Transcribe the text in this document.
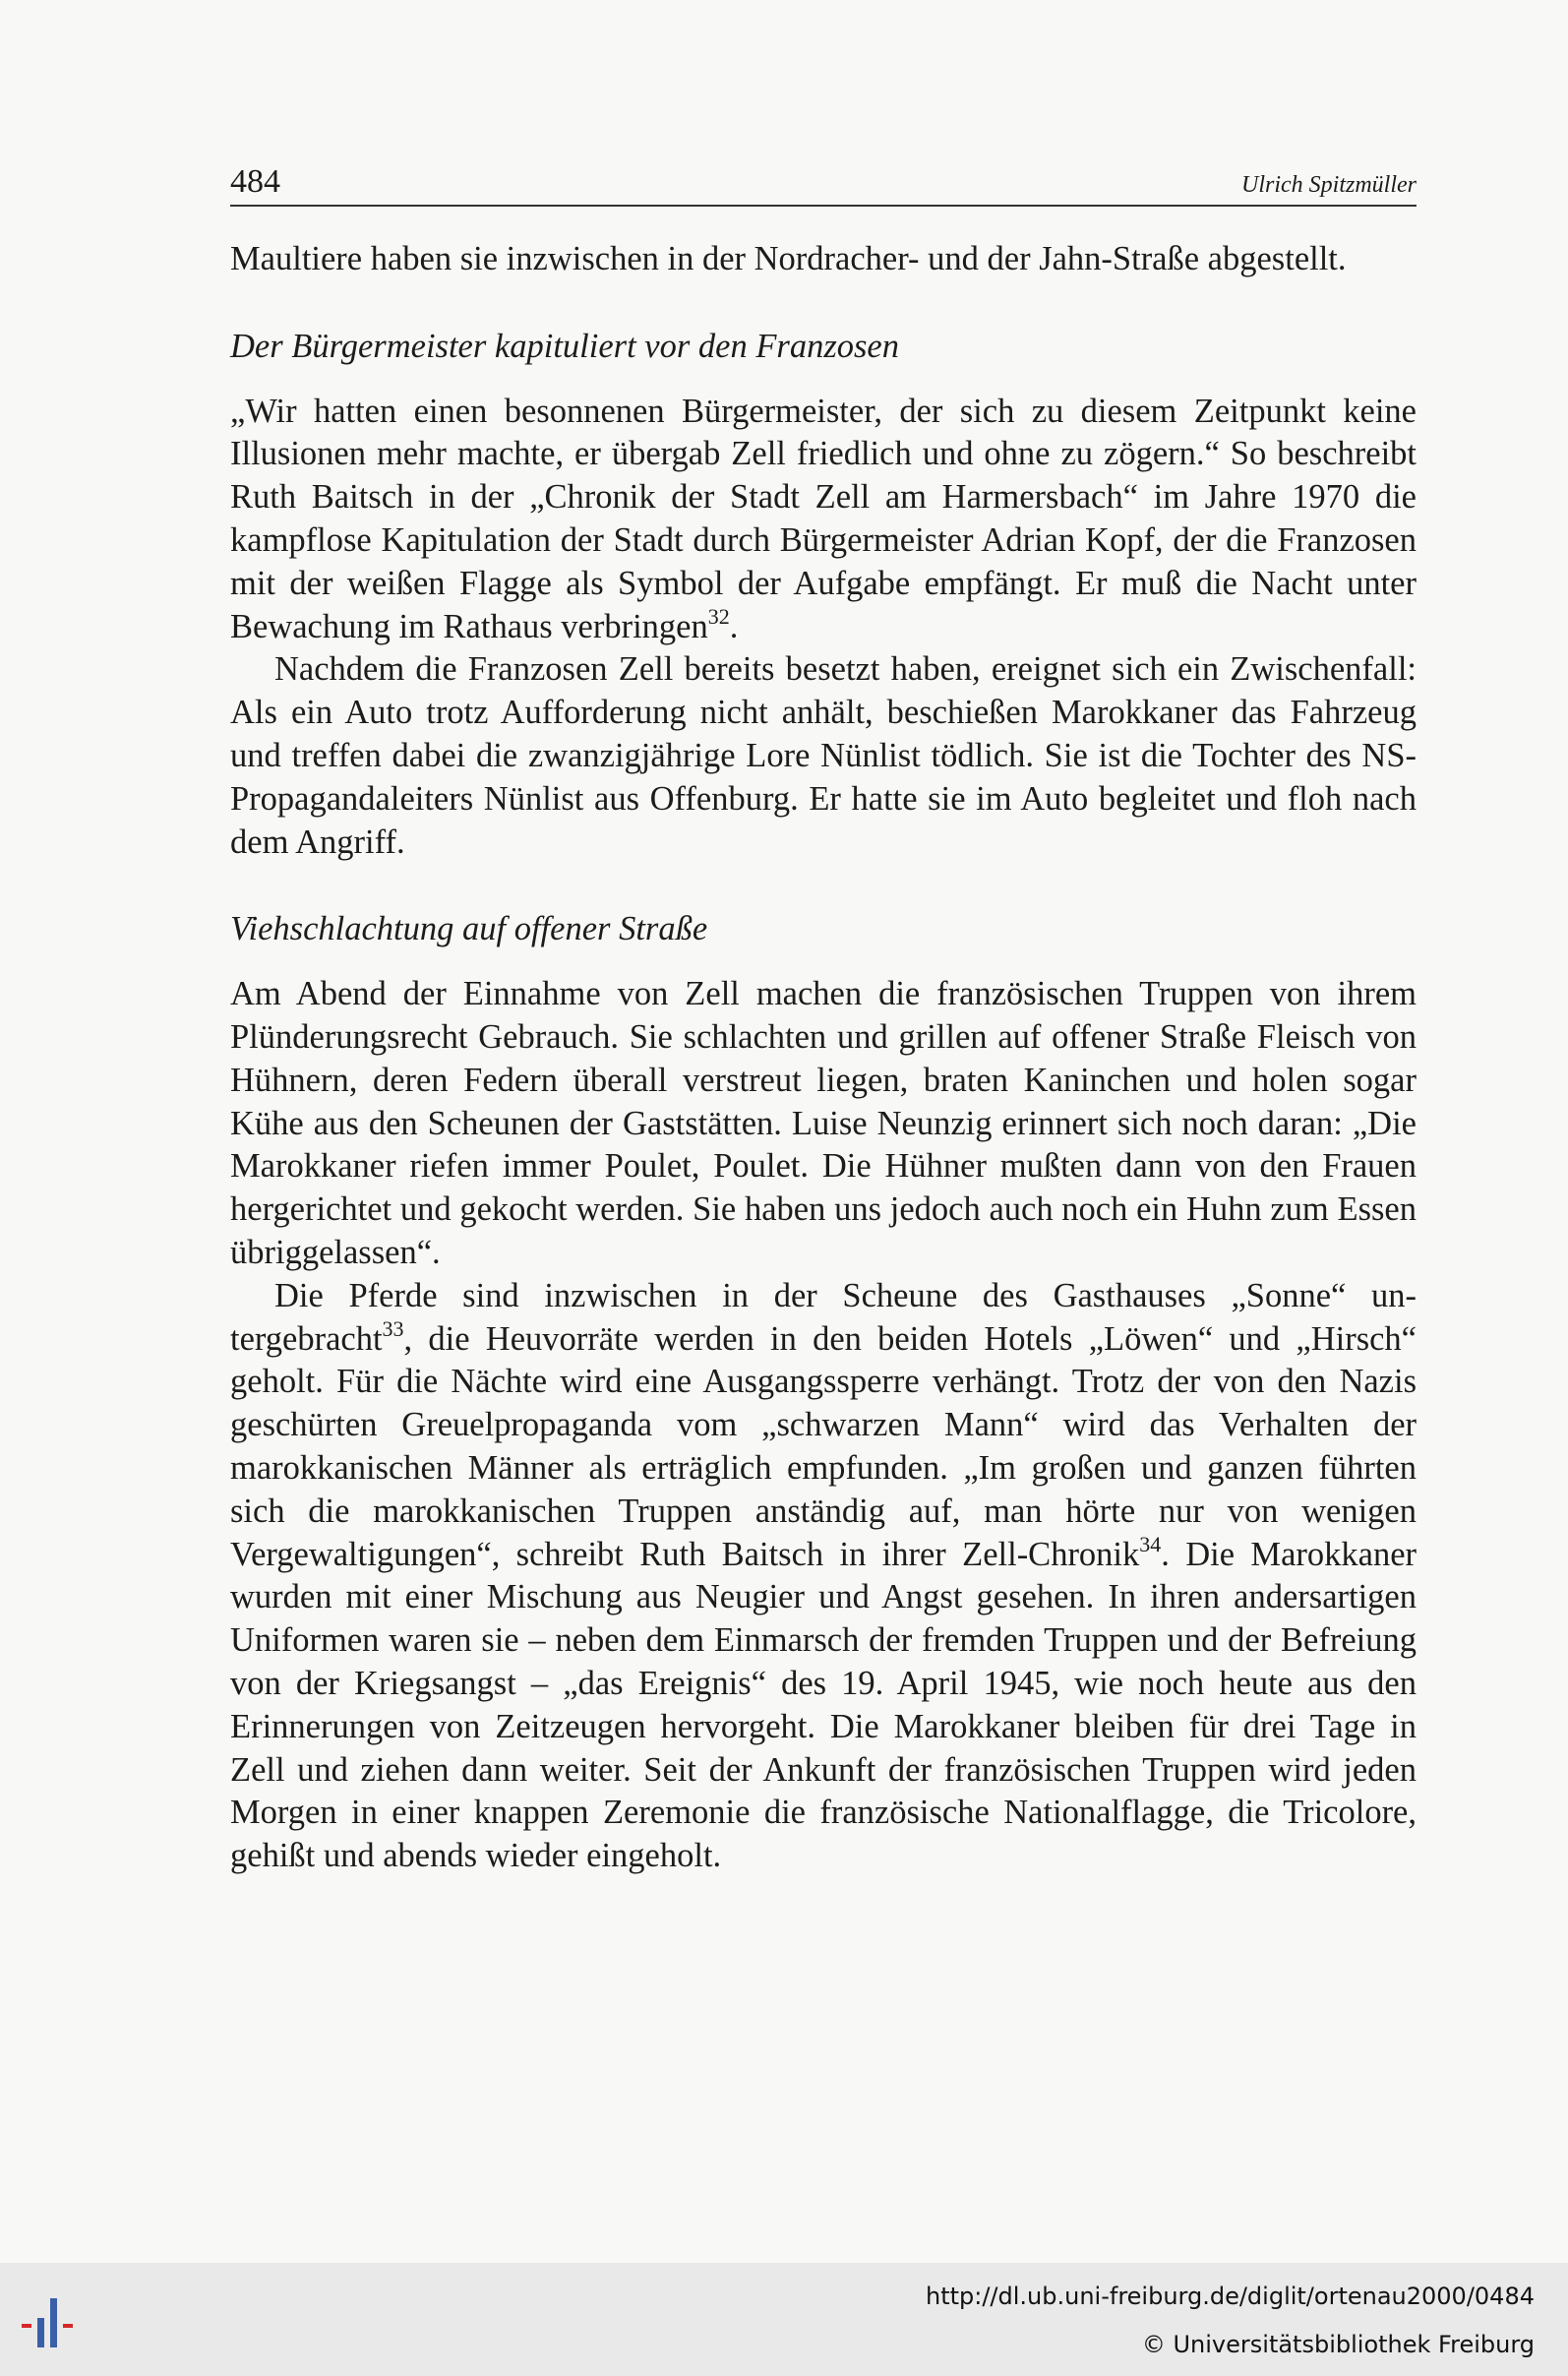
484	Ulrich Spitzmüller

Maultiere haben sie inzwischen in der Nordracher- und der Jahn-Straße abgestellt.

Der Bürgermeister kapituliert vor den Franzosen

„Wir hatten einen besonnenen Bürgermeister, der sich zu diesem Zeitpunkt keine Illusionen mehr machte, er übergab Zell friedlich und ohne zu zögern.“ So beschreibt Ruth Baitsch in der „Chronik der Stadt Zell am Harmersbach“ im Jahre 1970 die kampflose Kapitulation der Stadt durch Bürgermeister Adrian Kopf, der die Franzosen mit der weißen Flagge als Symbol der Aufgabe empfängt. Er muß die Nacht unter Bewachung im Rathaus verbringen$^{32}$.

Nachdem die Franzosen Zell bereits besetzt haben, ereignet sich ein Zwischenfall: Als ein Auto trotz Aufforderung nicht anhält, beschießen Marokkaner das Fahrzeug und treffen dabei die zwanzigjährige Lore Nünlist tödlich. Sie ist die Tochter des NS-Propagandaleiters Nünlist aus Offenburg. Er hatte sie im Auto begleitet und floh nach dem Angriff.

Viehschlachtung auf offener Straße

Am Abend der Einnahme von Zell machen die französischen Truppen von ihrem Plünderungsrecht Gebrauch. Sie schlachten und grillen auf offener Straße Fleisch von Hühnern, deren Federn überall verstreut liegen, braten Kaninchen und holen sogar Kühe aus den Scheunen der Gaststätten. Luise Neunzig erinnert sich noch daran: „Die Marokkaner riefen immer Poulet, Poulet. Die Hühner mußten dann von den Frauen hergerichtet und gekocht werden. Sie haben uns jedoch auch noch ein Huhn zum Essen übriggelassen“.

Die Pferde sind inzwischen in der Scheune des Gasthauses „Sonne“ untergebracht$^{33}$, die Heuvorräte werden in den beiden Hotels „Löwen“ und „Hirsch“ geholt. Für die Nächte wird eine Ausgangssperre verhängt. Trotz der von den Nazis geschürten Greuelpropaganda vom „schwarzen Mann“ wird das Verhalten der marokkanischen Männer als erträglich empfunden. „Im großen und ganzen führten sich die marokkanischen Truppen anständig auf, man hörte nur von wenigen Vergewaltigungen“, schreibt Ruth Baitsch in ihrer Zell-Chronik$^{34}$. Die Marokkaner wurden mit einer Mischung aus Neugier und Angst gesehen. In ihren andersartigen Uniformen waren sie – neben dem Einmarsch der fremden Truppen und der Befreiung von der Kriegsangst – „das Ereignis“ des 19. April 1945, wie noch heute aus den Erinnerungen von Zeitzeugen hervorgeht. Die Marokkaner bleiben für drei Tage in Zell und ziehen dann weiter. Seit der Ankunft der französischen Truppen wird jeden Morgen in einer knappen Zeremonie die französische Nationalflagge, die Tricolore, gehißt und abends wieder eingeholt.

http://dl.ub.uni-freiburg.de/diglit/ortenau2000/0484
© Universitätsbibliothek Freiburg
